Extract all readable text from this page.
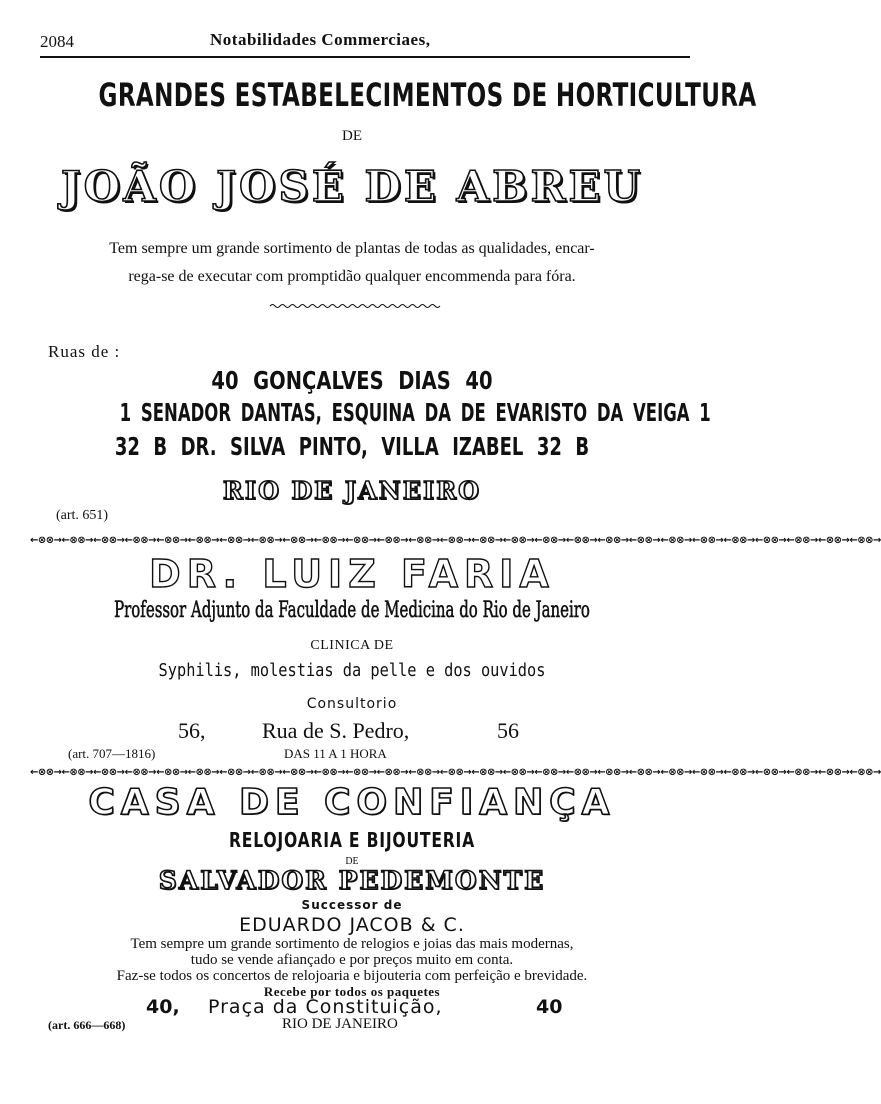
2084	Notabilidades Commerciaes,
GRANDES ESTABELECIMENTOS DE HORTICULTURA
DE
JOÃO JOSÉ DE ABREU
Tem sempre um grande sortimento de plantas de todas as qualidades, encar-
rega-se de executar com promptidão qualquer encommenda para fóra.
Ruas de :
40 GONÇALVES DIAS 40
1 SENADOR DANTAS, ESQUINA DA DE EVARISTO DA VEIGA 1
32 B DR. SILVA PINTO, VILLA IZABEL 32 B
RIO DE JANEIRO
(art. 651)
←⊗⊗→←⊗⊗→←⊗⊗→←⊗⊗→←⊗⊗→←⊗⊗→←⊗⊗→←⊗⊗→←⊗⊗→←⊗⊗→←⊗⊗→←⊗⊗→←⊗⊗→←⊗⊗→←⊗⊗→←⊗⊗→←⊗⊗→←⊗⊗→←⊗⊗→←⊗⊗→←⊗⊗→←⊗⊗→←⊗⊗→←⊗⊗→←⊗⊗→←⊗⊗→←⊗⊗→
DR. LUIZ FARIA
Professor Adjunto da Faculdade de Medicina do Rio de Janeiro
CLINICA DE
Syphilis, molestias da pelle e dos ouvidos
Consultorio
56,	Rua de S. Pedro,	56
(art. 707—1816)	DAS 11 A 1 HORA
←⊗⊗→←⊗⊗→←⊗⊗→←⊗⊗→←⊗⊗→←⊗⊗→←⊗⊗→←⊗⊗→←⊗⊗→←⊗⊗→←⊗⊗→←⊗⊗→←⊗⊗→←⊗⊗→←⊗⊗→←⊗⊗→←⊗⊗→←⊗⊗→←⊗⊗→←⊗⊗→←⊗⊗→←⊗⊗→←⊗⊗→←⊗⊗→←⊗⊗→←⊗⊗→←⊗⊗→
CASA DE CONFIANÇA
RELOJOARIA E BIJOUTERIA
DE
SALVADOR PEDEMONTE
Successor de
EDUARDO JACOB & C.
Tem sempre um grande sortimento de relogios e joias das mais modernas,
tudo se vende afiançado e por preços muito em conta.
Faz-se todos os concertos de relojoaria e bijouteria com perfeição e brevidade.
Recebe por todos os paquetes
40, Praça da Constituição,	40
(art. 666—668)	RIO DE JANEIRO
